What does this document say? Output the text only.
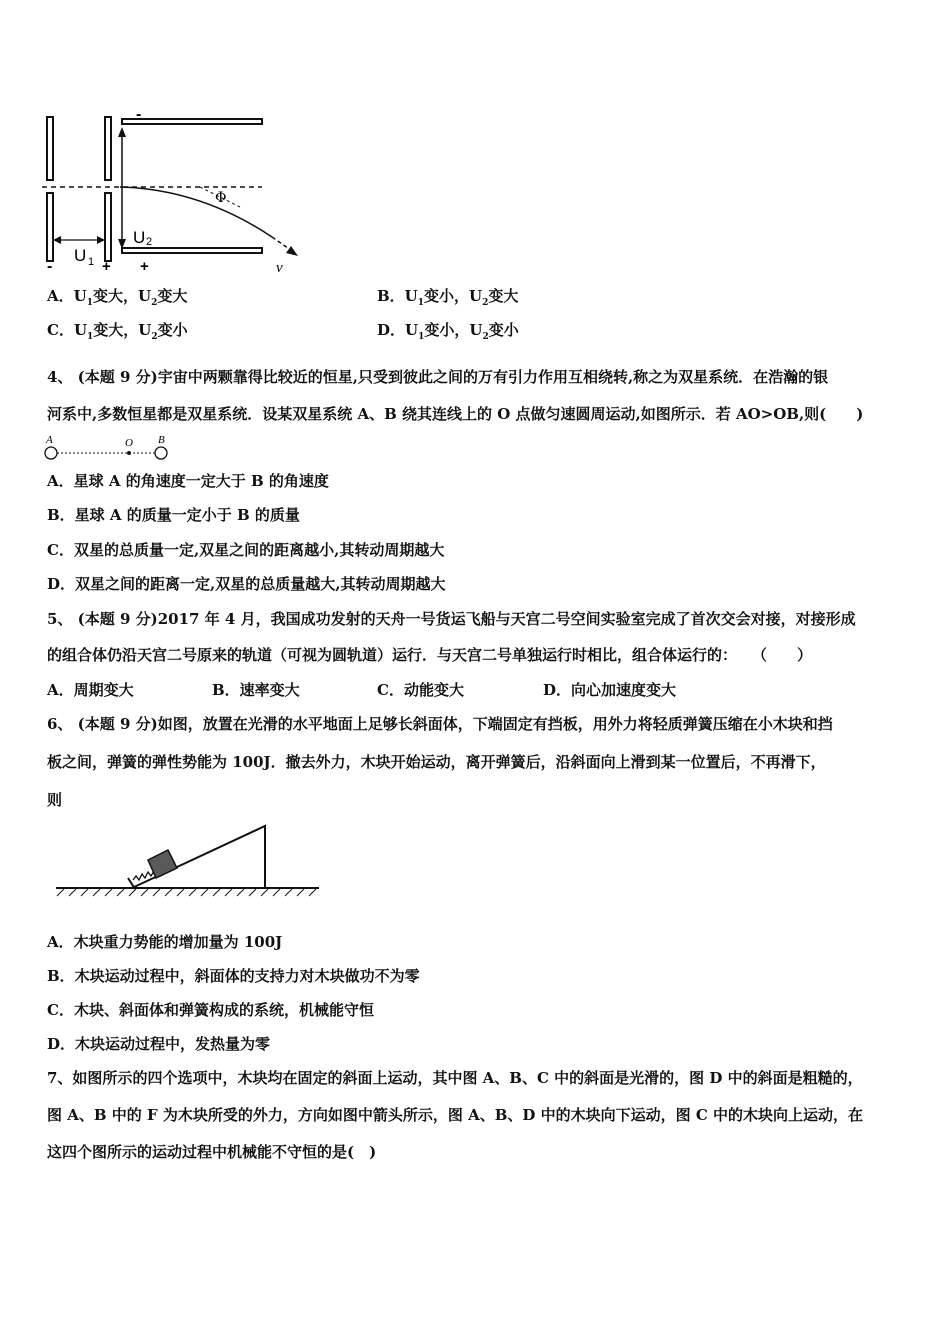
-
Φ
U 2
U 1
-	+ +	v
A．$U_1$变大，$U_2$变大	B．$U_1$变小，$U_2$变大
C．$U_1$变大，$U_2$变小	D．$U_1$变小，$U_2$变小
4、 (本题 9 分)宇宙中两颗靠得比较近的恒星,只受到彼此之间的万有引力作用互相绕转,称之为双星系统．在浩瀚的银
河系中,多数恒星都是双星系统．设某双星系统 A、B 绕其连线上的 O 点做匀速圆周运动,如图所示．若 AO>OB,则(　　)
A	O B
A．星球 A 的角速度一定大于 B 的角速度
B．星球 A 的质量一定小于 B 的质量
C．双星的总质量一定,双星之间的距离越小,其转动周期越大
D．双星之间的距离一定,双星的总质量越大,其转动周期越大
5、 (本题 9 分)2017 年 4 月，我国成功发射的天舟一号货运飞船与天宫二号空间实验室完成了首次交会对接，对接形成
的组合体仍沿天宫二号原来的轨道（可视为圆轨道）运行．与天宫二号单独运行时相比，组合体运行的：　　（　　）
A．周期变大	B．速率变大	C．动能变大	D．向心加速度变大
6、 (本题 9 分)如图，放置在光滑的水平地面上足够长斜面体，下端固定有挡板，用外力将轻质弹簧压缩在小木块和挡
板之间，弹簧的弹性势能为 100J．撤去外力，木块开始运动，离开弹簧后，沿斜面向上滑到某一位置后，不再滑下，
则
A．木块重力势能的增加量为 100J
B．木块运动过程中，斜面体的支持力对木块做功不为零
C．木块、斜面体和弹簧构成的系统，机械能守恒
D．木块运动过程中，发热量为零
7、如图所示的四个选项中，木块均在固定的斜面上运动，其中图 A、B、C 中的斜面是光滑的，图 D 中的斜面是粗糙的，
图 A、B 中的 F 为木块所受的外力，方向如图中箭头所示，图 A、B、D 中的木块向下运动，图 C 中的木块向上运动，在
这四个图所示的运动过程中机械能不守恒的是(　)
